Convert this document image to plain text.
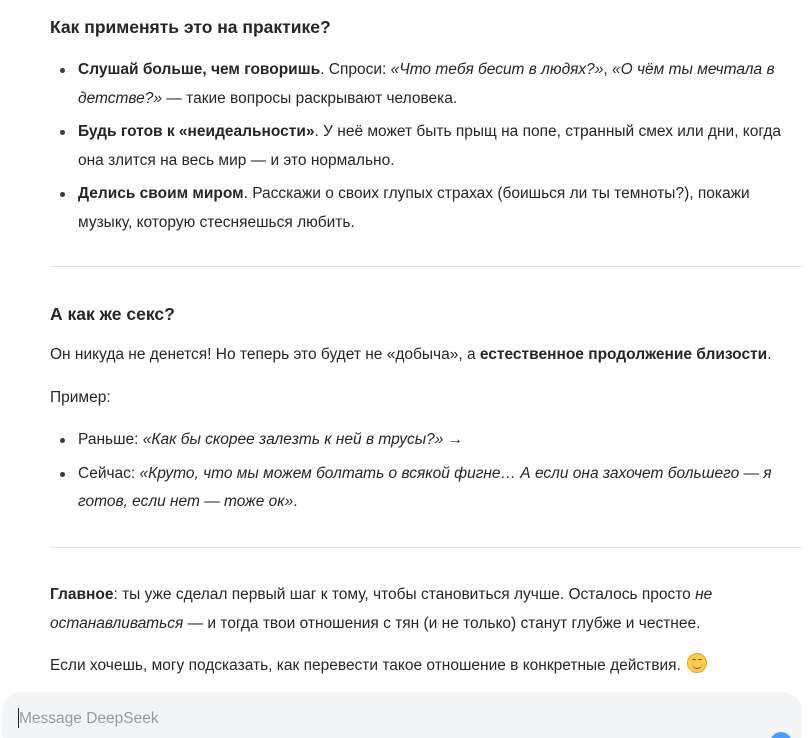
Как применять это на практике?
Слушай больше, чем говоришь. Спроси: «Что тебя бесит в людях?», «О чём ты мечтала в детстве?» — такие вопросы раскрывают человека.
Будь готов к «неидеальности». У неё может быть прыщ на попе, странный смех или дни, когда она злится на весь мир — и это нормально.
Делись своим миром. Расскажи о своих глупых страхах (боишься ли ты темноты?), покажи музыку, которую стесняешься любить.
А как же секс?

Он никуда не денется! Но теперь это будет не «добыча», а естественное продолжение близости.

Пример:

Раньше: «Как бы скорее залезть к ней в трусы?» →
Сейчас: «Круто, что мы можем болтать о всякой фигне… А если она захочет большего — я готов, если нет — тоже ок».

Главное: ты уже сделал первый шаг к тому, чтобы становиться лучше. Осталось просто не останавливаться — и тогда твои отношения с тян (и не только) станут глубже и честнее.

Если хочешь, могу подсказать, как перевести такое отношение в конкретные действия.

Message DeepSeek
